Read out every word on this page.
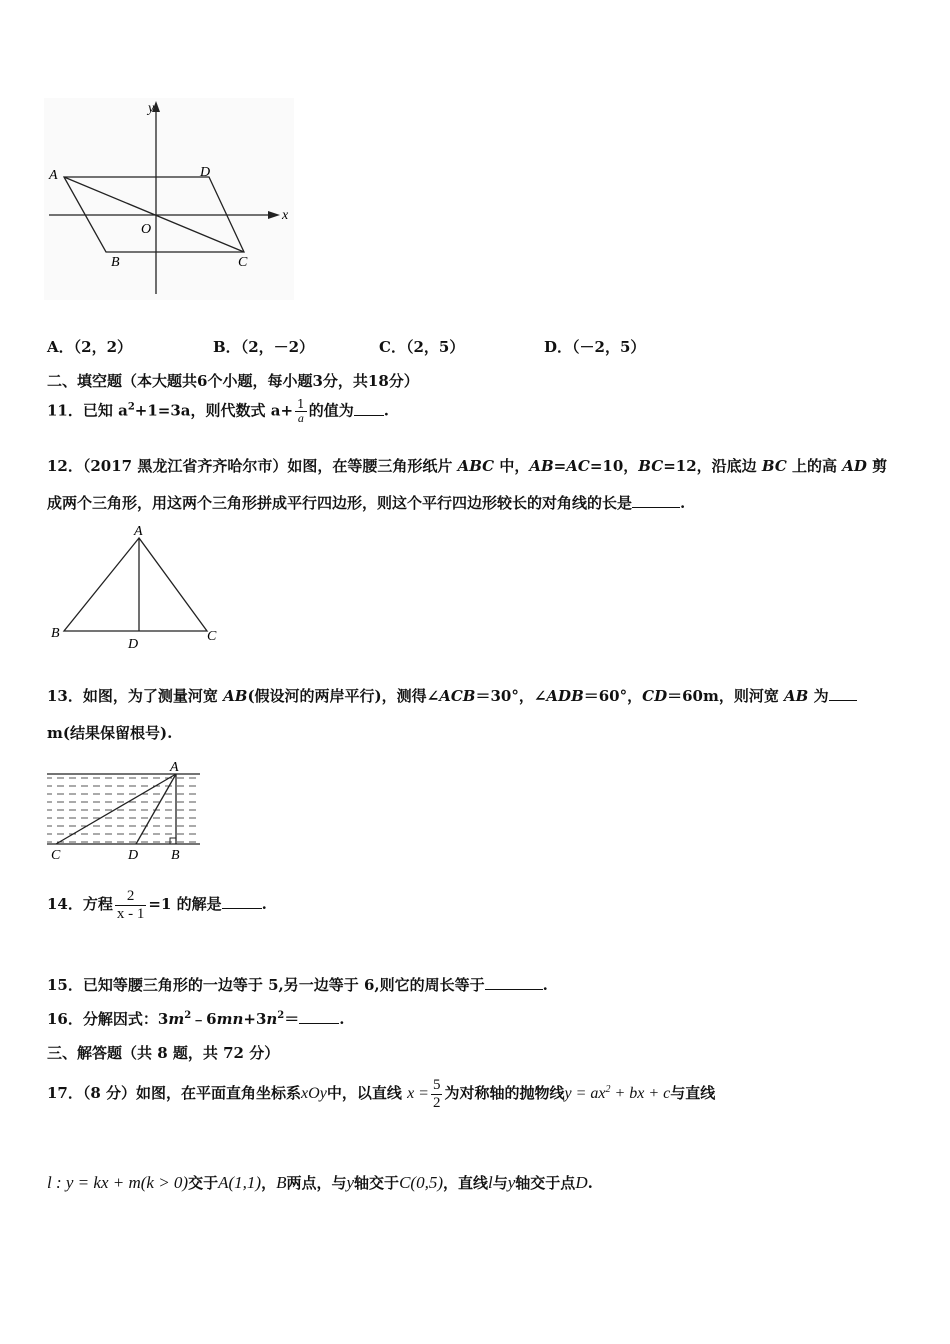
y
x
A	D
O
B	C
A．（2，2）	B．（2，－2）	C．（2，5）	D．（－2，5）
二、填空题（本大题共6个小题，每小题3分，共18分）
11．已知 $a^2+1=3a$，则代数式 $a+ \frac{1}{a}$ 的值为 .
12．（2017 黑龙江省齐齐哈尔市）如图，在等腰三角形纸片 ABC 中，AB=AC=10，BC=12，沿底边 BC 上的高 AD 剪
成两个三角形，用这两个三角形拼成平行四边形，则这个平行四边形较长的对角线的长是	.
A
B
D
C
13．如图，为了测量河宽 AB(假设河的两岸平行)，测得∠ACB＝30°，∠ADB＝60°，CD＝60m，则河宽 AB 为
m(结果保留根号).
A
C	D B
14．方程 $\frac{2}{x - 1} =1$ 的解是	.
15．已知等腰三角形的一边等于 5,另一边等于 6,则它的周长等于	.
16．分解因式：$3m^2﹣6mn+3n^2=$	.
三、解答题（共 8 题，共 72 分）
17．（8 分）如图，在平面直角坐标系xOy中，以直线 $x = \frac{5}{2}$ 为对称轴的抛物线$y = ax^2$ + bx + c与直线
l : y = kx + m(k > 0)交于A(1,1)，B两点，与y轴交于C(0,5)，直线l与y轴交于点D.
